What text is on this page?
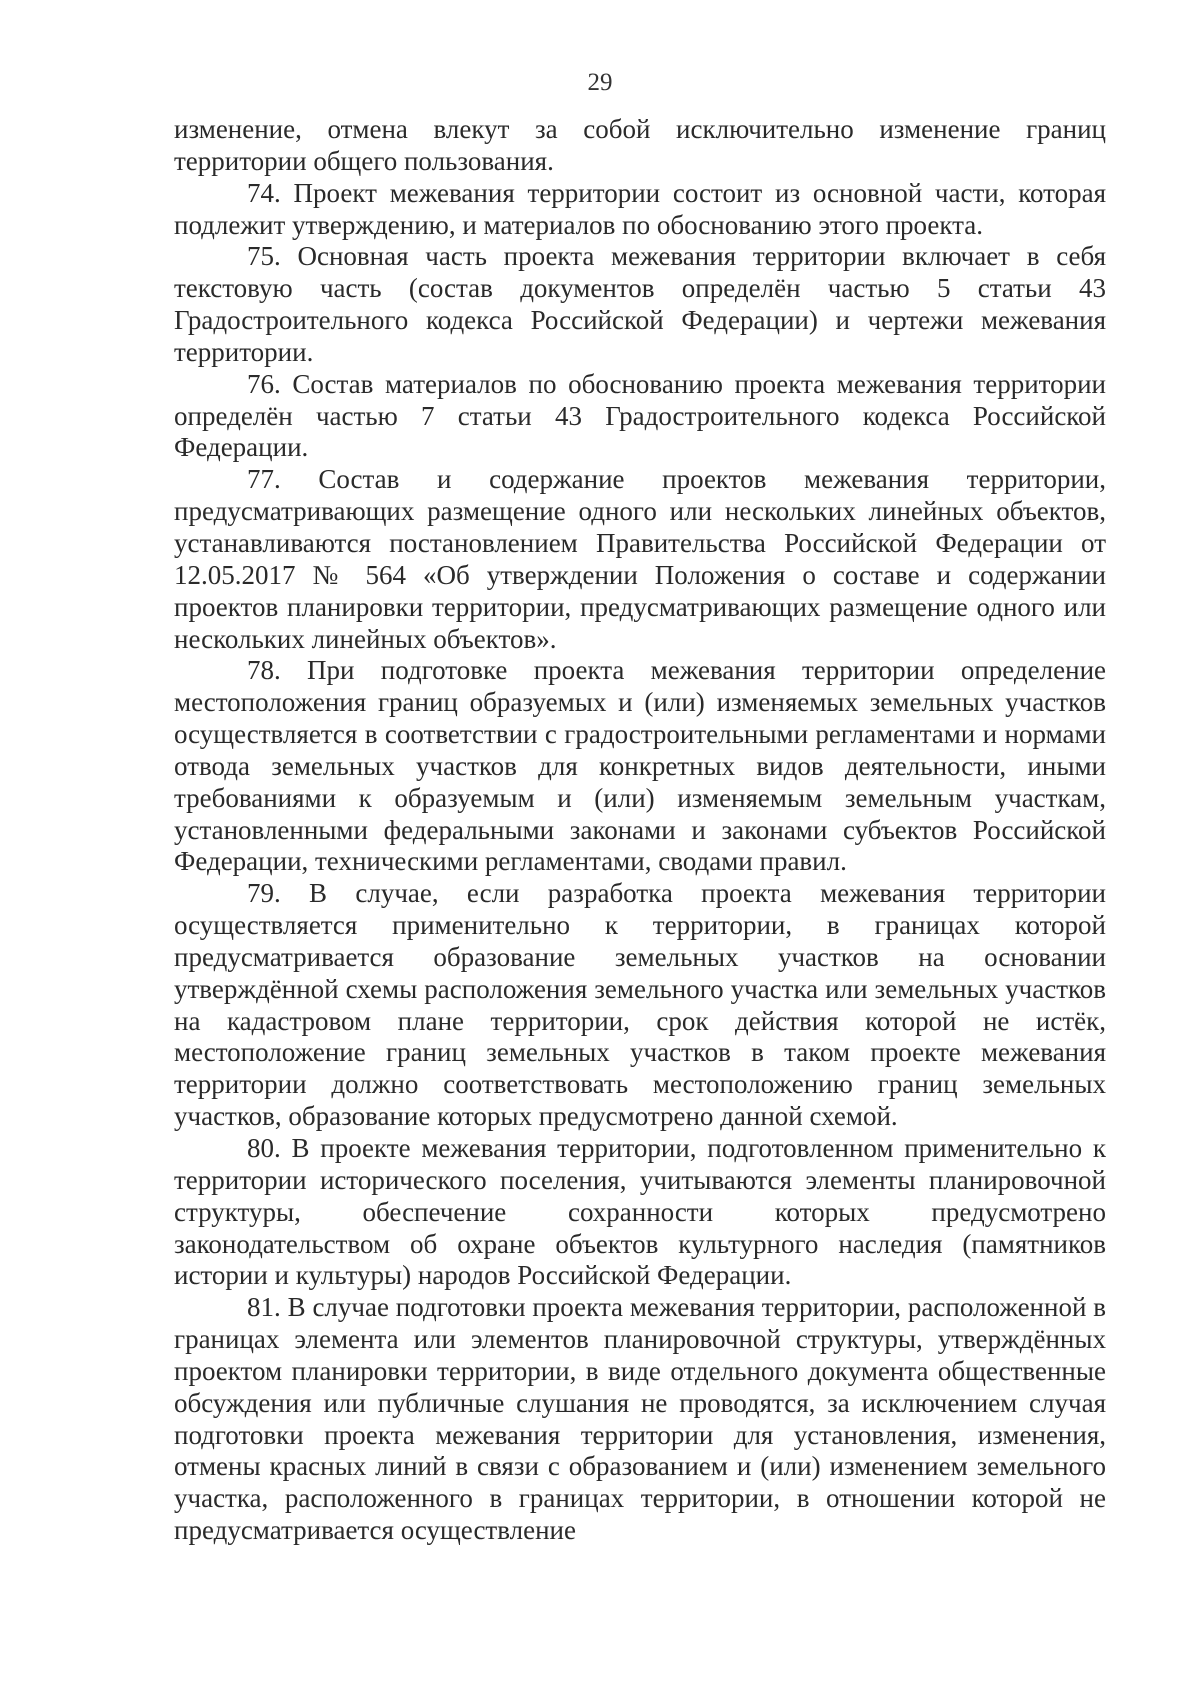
29

изменение, отмена влекут за собой исключительно изменение границ территории общего пользования.

74. Проект межевания территории состоит из основной части, которая подлежит утверждению, и материалов по обоснованию этого проекта.

75. Основная часть проекта межевания территории включает в себя текстовую часть (состав документов определён частью 5 статьи 43 Градостроительного кодекса Российской Федерации) и чертежи межевания территории.

76. Состав материалов по обоснованию проекта межевания территории определён частью 7 статьи 43 Градостроительного кодекса Российской Федерации.

77. Состав и содержание проектов межевания территории, предусматривающих размещение одного или нескольких линейных объектов, устанавливаются постановлением Правительства Российской Федерации от 12.05.2017 № 564 «Об утверждении Положения о составе и содержании проектов планировки территории, предусматривающих размещение одного или нескольких линейных объектов».

78. При подготовке проекта межевания территории определение местоположения границ образуемых и (или) изменяемых земельных участков осуществляется в соответствии с градостроительными регламентами и нормами отвода земельных участков для конкретных видов деятельности, иными требованиями к образуемым и (или) изменяемым земельным участкам, установленными федеральными законами и законами субъектов Российской Федерации, техническими регламентами, сводами правил.

79. В случае, если разработка проекта межевания территории осуществляется применительно к территории, в границах которой предусматривается образование земельных участков на основании утверждённой схемы расположения земельного участка или земельных участков на кадастровом плане территории, срок действия которой не истёк, местоположение границ земельных участков в таком проекте межевания территории должно соответствовать местоположению границ земельных участков, образование которых предусмотрено данной схемой.

80. В проекте межевания территории, подготовленном применительно к территории исторического поселения, учитываются элементы планировочной структуры, обеспечение сохранности которых предусмотрено законодательством об охране объектов культурного наследия (памятников истории и культуры) народов Российской Федерации.

81. В случае подготовки проекта межевания территории, расположенной в границах элемента или элементов планировочной структуры, утверждённых проектом планировки территории, в виде отдельного документа общественные обсуждения или публичные слушания не проводятся, за исключением случая подготовки проекта межевания территории для установления, изменения, отмены красных линий в связи с образованием и (или) изменением земельного участка, расположенного в границах территории, в отношении которой не предусматривается осуществление
